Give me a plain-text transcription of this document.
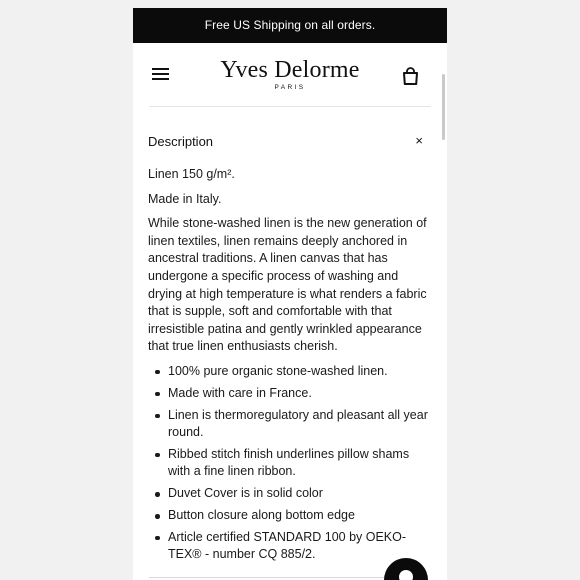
Free US Shipping on all orders.
Yves Delorme
PARIS
Description	×

Linen 150 g/m².

Made in Italy.

While stone-washed linen is the new generation of linen textiles, linen remains deeply anchored in ancestral traditions. A linen canvas that has undergone a specific process of washing and drying at high temperature is what renders a fabric that is supple, soft and comfortable with that irresistible patina and gently wrinkled appearance that true linen enthusiasts cherish.

100% pure organic stone-washed linen.
Made with care in France.
Linen is thermoregulatory and pleasant all year round.
Ribbed stitch finish underlines pillow shams with a fine linen ribbon.
Duvet Cover is in solid color
Button closure along bottom edge
Article certified STANDARD 100 by OEKO-TEX® - number CQ 885/2.
